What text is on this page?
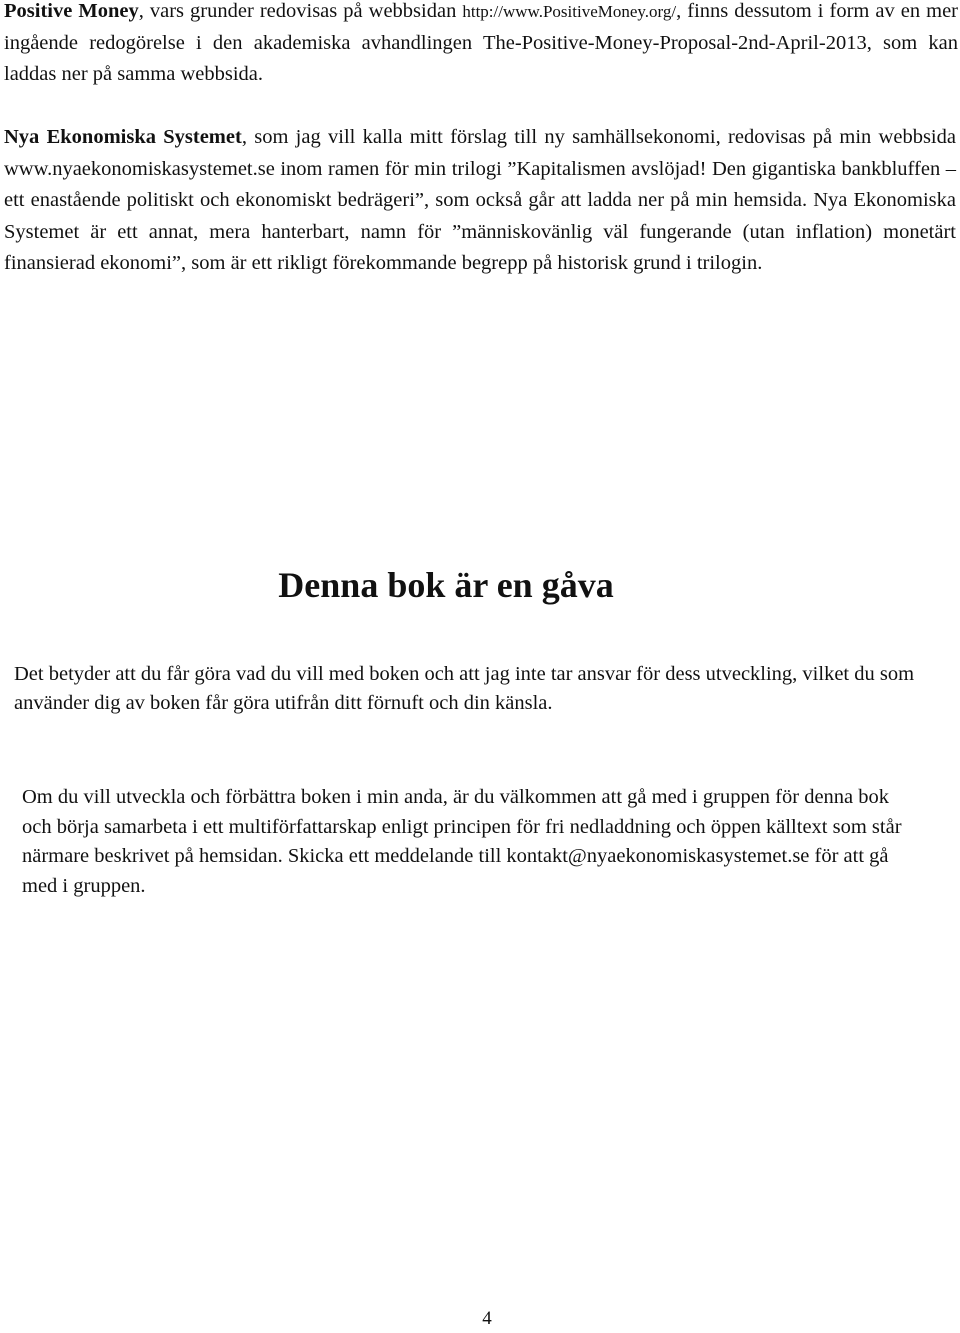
Positive Money, vars grunder redovisas på webbsidan http://www.PositiveMoney.org/, finns dessutom i form av en mer ingående redogörelse i den akademiska avhandlingen The-Positive-Money-Proposal-2nd-April-2013, som kan laddas ner på samma webbsida.

Nya Ekonomiska Systemet, som jag vill kalla mitt förslag till ny samhällsekonomi, redovisas på min webbsida www.nyaekonomiskasystemet.se inom ramen för min trilogi ”Kapitalismen avslöjad! Den gigantiska bankbluffen – ett enastående politiskt och ekonomiskt bedrägeri”, som också går att ladda ner på min hemsida. Nya Ekonomiska Systemet är ett annat, mera hanterbart, namn för ”människovänlig väl fungerande (utan inflation) monetärt finansierad ekonomi”, som är ett rikligt förekommande begrepp på historisk grund i trilogin.

Denna bok är en gåva

Det betyder att du får göra vad du vill med boken och att jag inte tar ansvar för dess utveckling, vilket du som använder dig av boken får göra utifrån ditt förnuft och din känsla.

Om du vill utveckla och förbättra boken i min anda, är du välkommen att gå med i gruppen för denna bok och börja samarbeta i ett multiförfattarskap enligt principen för fri nedladdning och öppen källtext som står närmare beskrivet på hemsidan. Skicka ett meddelande till kontakt@nyaekonomiskasystemet.se för att gå med i gruppen.

4
